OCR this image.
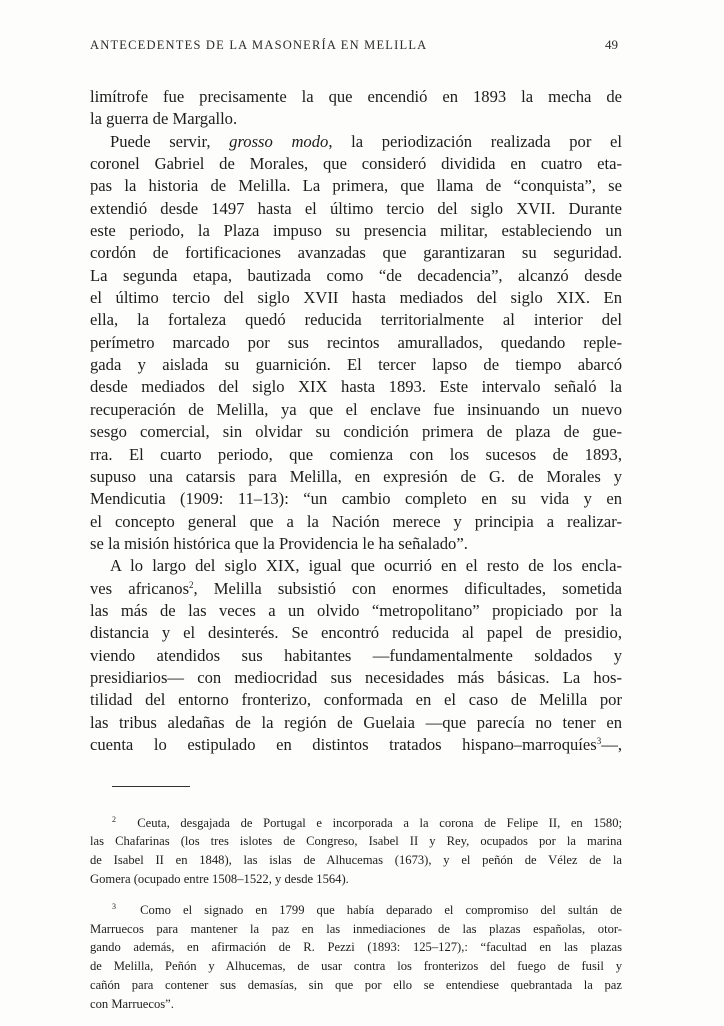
ANTECEDENTES DE LA MASONERÍA EN MELILLA	49

limítrofe fue precisamente la que encendió en 1893 la mecha de
la guerra de Margallo.

Puede servir, grosso modo, la periodización realizada por el
coronel Gabriel de Morales, que consideró dividida en cuatro eta-
pas la historia de Melilla. La primera, que llama de “conquista”, se
extendió desde 1497 hasta el último tercio del siglo XVII. Durante
este periodo, la Plaza impuso su presencia militar, estableciendo un
cordón de fortificaciones avanzadas que garantizaran su seguridad.
La segunda etapa, bautizada como “de decadencia”, alcanzó desde
el último tercio del siglo XVII hasta mediados del siglo XIX. En
ella, la fortaleza quedó reducida territorialmente al interior del
perímetro marcado por sus recintos amurallados, quedando reple-
gada y aislada su guarnición. El tercer lapso de tiempo abarcó
desde mediados del siglo XIX hasta 1893. Este intervalo señaló la
recuperación de Melilla, ya que el enclave fue insinuando un nuevo
sesgo comercial, sin olvidar su condición primera de plaza de gue-
rra. El cuarto periodo, que comienza con los sucesos de 1893,
supuso una catarsis para Melilla, en expresión de G. de Morales y
Mendicutia (1909: 11–13): “un cambio completo en su vida y en
el concepto general que a la Nación merece y principia a realizar-
se la misión histórica que la Providencia le ha señalado”.

A lo largo del siglo XIX, igual que ocurrió en el resto de los encla-
ves africanos$^2$, Melilla subsistió con enormes dificultades, sometida
las más de las veces a un olvido “metropolitano” propiciado por la
distancia y el desinterés. Se encontró reducida al papel de presidio,
viendo atendidos sus habitantes —fundamentalmente soldados y
presidiarios— con mediocridad sus necesidades más básicas. La hos-
tilidad del entorno fronterizo, conformada en el caso de Melilla por
las tribus aledañas de la región de Guelaia —que parecía no tener en
cuenta lo estipulado en distintos tratados hispano–marroquíes$^3$—,

$^2$ Ceuta, desgajada de Portugal e incorporada a la corona de Felipe II, en 1580;
las Chafarinas (los tres islotes de Congreso, Isabel II y Rey, ocupados por la marina
de Isabel II en 1848), las islas de Alhucemas (1673), y el peñón de Vélez de la
Gomera (ocupado entre 1508–1522, y desde 1564).

$^3$ Como el signado en 1799 que había deparado el compromiso del sultán de
Marruecos para mantener la paz en las inmediaciones de las plazas españolas, otor-
gando además, en afirmación de R. Pezzi (1893: 125–127),: “facultad en las plazas
de Melilla, Peñón y Alhucemas, de usar contra los fronterizos del fuego de fusil y
cañón para contener sus demasías, sin que por ello se entendiese quebrantada la paz
con Marruecos”.
